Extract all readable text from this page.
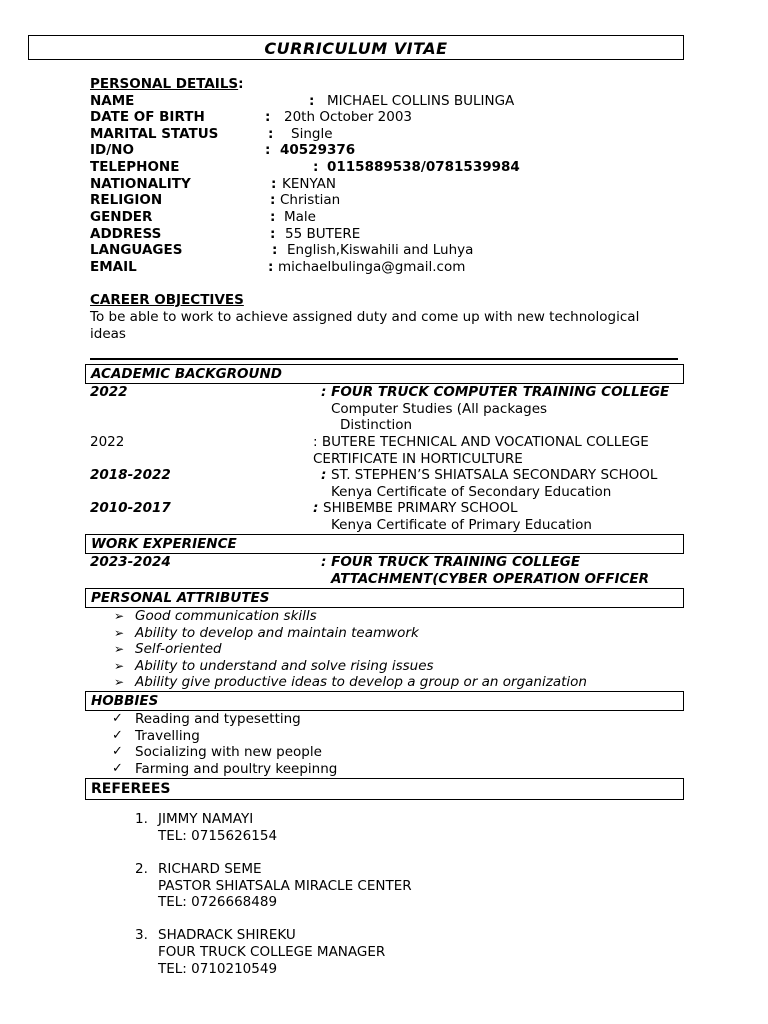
CURRICULUM VITAE
PERSONAL DETAILS:
NAME	: MICHAEL COLLINS BULINGA
DATE OF BIRTH	: 20th October 2003
MARITAL STATUS	: Single
ID/NO	: 40529376
TELEPHONE	: 0115889538/0781539984
NATIONALITY	: KENYAN
RELIGION	: Christian
GENDER	: Male
ADDRESS	: 55 BUTERE
LANGUAGES	: English,Kiswahili and Luhya
EMAIL	: michaelbulinga@gmail.com
CAREER OBJECTIVES
To be able to work to achieve assigned duty and come up with new technological
ideas
ACADEMIC BACKGROUND
2022	: FOUR TRUCK COMPUTER TRAINING COLLEGE
Computer Studies (All packages
Distinction
2022	: BUTERE TECHNICAL AND VOCATIONAL COLLEGE
CERTIFICATE IN HORTICULTURE
2018-2022	: ST. STEPHEN’S SHIATSALA SECONDARY SCHOOL
Kenya Certificate of Secondary Education
2010-2017	: SHIBEMBE PRIMARY SCHOOL
Kenya Certificate of Primary Education
WORK EXPERIENCE
2023-2024	: FOUR TRUCK TRAINING COLLEGE
ATTACHMENT(CYBER OPERATION OFFICER
PERSONAL ATTRIBUTES
➢ Good communication skills
➢ Ability to develop and maintain teamwork
➢ Self-oriented
➢ Ability to understand and solve rising issues
➢ Ability give productive ideas to develop a group or an organization
HOBBIES
✓ Reading and typesetting
✓ Travelling
✓ Socializing with new people
✓ Farming and poultry keepinng
REFEREES
1. JIMMY NAMAYI
TEL: 0715626154
2. RICHARD SEME
PASTOR SHIATSALA MIRACLE CENTER
TEL: 0726668489
3. SHADRACK SHIREKU
FOUR TRUCK COLLEGE MANAGER
TEL: 0710210549
